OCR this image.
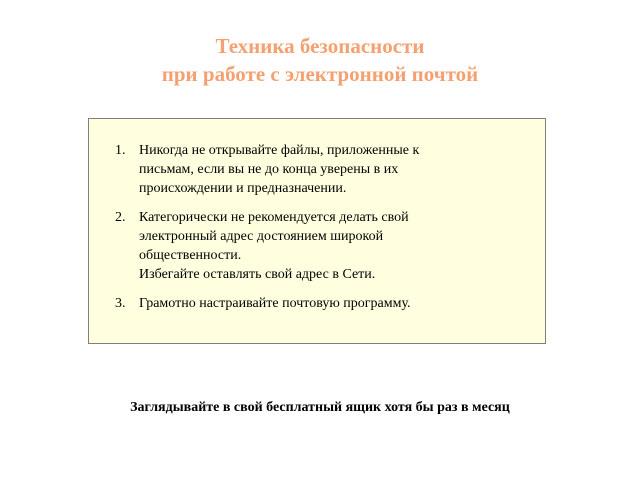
Техника безопасности
при работе с электронной почтой
1. Никогда не открывайте файлы, приложенные к
письмам, если вы не до конца уверены в их
происхождении и предназначении.
2. Категорически не рекомендуется делать свой
электронный адрес достоянием широкой
общественности.
Избегайте оставлять свой адрес в Сети.
3. Грамотно настраивайте почтовую программу.
Заглядывайте в свой бесплатный ящик хотя бы раз в месяц
